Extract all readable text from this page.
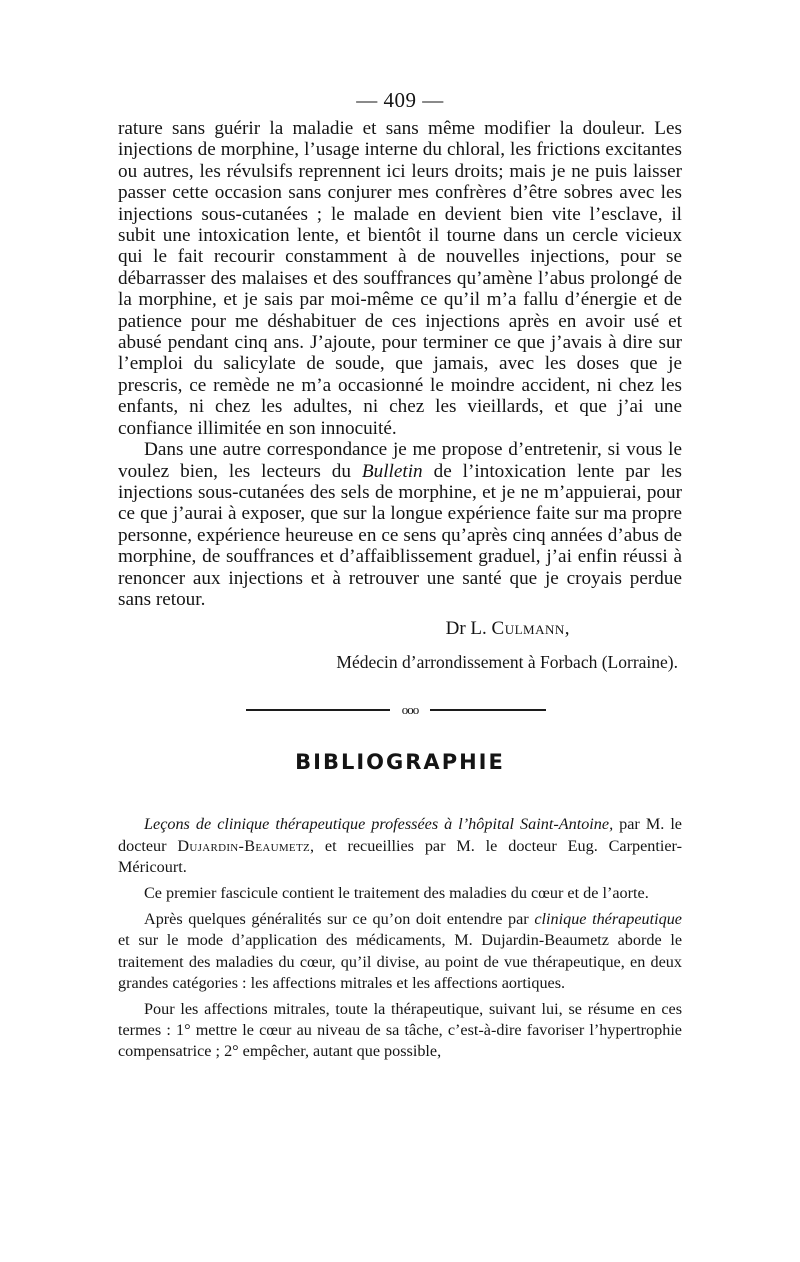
— 409 —

rature sans guérir la maladie et sans même modifier la douleur. Les injections de morphine, l’usage interne du chloral, les frictions excitantes ou autres, les révulsifs reprennent ici leurs droits; mais je ne puis laisser passer cette occasion sans conjurer mes confrères d’être sobres avec les injections sous-cutanées ; le malade en devient bien vite l’esclave, il subit une intoxication lente, et bientôt il tourne dans un cercle vicieux qui le fait recourir constamment à de nouvelles injections, pour se débarrasser des malaises et des souffrances qu’amène l’abus prolongé de la morphine, et je sais par moi-même ce qu’il m’a fallu d’énergie et de patience pour me déshabituer de ces injections après en avoir usé et abusé pendant cinq ans. J’ajoute, pour terminer ce que j’avais à dire sur l’emploi du salicylate de soude, que jamais, avec les doses que je prescris, ce remède ne m’a occasionné le moindre accident, ni chez les enfants, ni chez les adultes, ni chez les vieillards, et que j’ai une confiance illimitée en son innocuité.

Dans une autre correspondance je me propose d’entretenir, si vous le voulez bien, les lecteurs du Bulletin de l’intoxication lente par les injections sous-cutanées des sels de morphine, et je ne m’appuierai, pour ce que j’aurai à exposer, que sur la longue expérience faite sur ma propre personne, expérience heureuse en ce sens qu’après cinq années d’abus de morphine, de souffrances et d’affaiblissement graduel, j’ai enfin réussi à renoncer aux injections et à retrouver une santé que je croyais perdue sans retour.

Dr L. Culmann,
Médecin d’arrondissement à Forbach (Lorraine).
ooo
BIBLIOGRAPHIE

Leçons de clinique thérapeutique professées à l’hôpital Saint-Antoine, par M. le docteur Dujardin-Beaumetz, et recueillies par M. le docteur Eug. Carpentier-Méricourt.

Ce premier fascicule contient le traitement des maladies du cœur et de l’aorte.

Après quelques généralités sur ce qu’on doit entendre par clinique thérapeutique et sur le mode d’application des médicaments, M. Dujardin-Beaumetz aborde le traitement des maladies du cœur, qu’il divise, au point de vue thérapeutique, en deux grandes catégories : les affections mitrales et les affections aortiques.

Pour les affections mitrales, toute la thérapeutique, suivant lui, se résume en ces termes : 1° mettre le cœur au niveau de sa tâche, c’est-à-dire favoriser l’hypertrophie compensatrice ; 2° empêcher, autant que possible,
